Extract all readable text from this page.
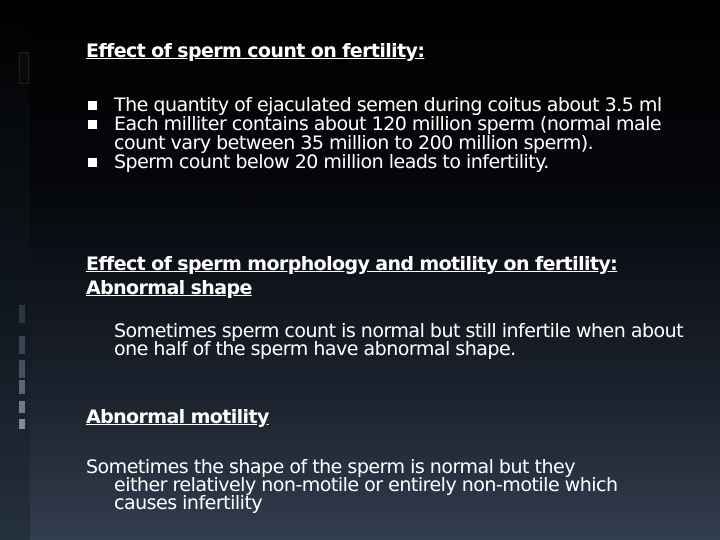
Effect of sperm count on fertility:
The quantity of ejaculated semen during coitus about 3.5 ml
Each milliter contains about 120 million sperm (normal male count vary between 35 million to 200 million sperm).
Sperm count below 20 million leads to infertility.
Effect of sperm morphology and motility on fertility:
Abnormal shape
Sometimes sperm count is normal but still infertile when about one half of the sperm have abnormal shape.
Abnormal motility
Sometimes the shape of the sperm is normal but they
either relatively non-motile or entirely non-motile which causes infertility
